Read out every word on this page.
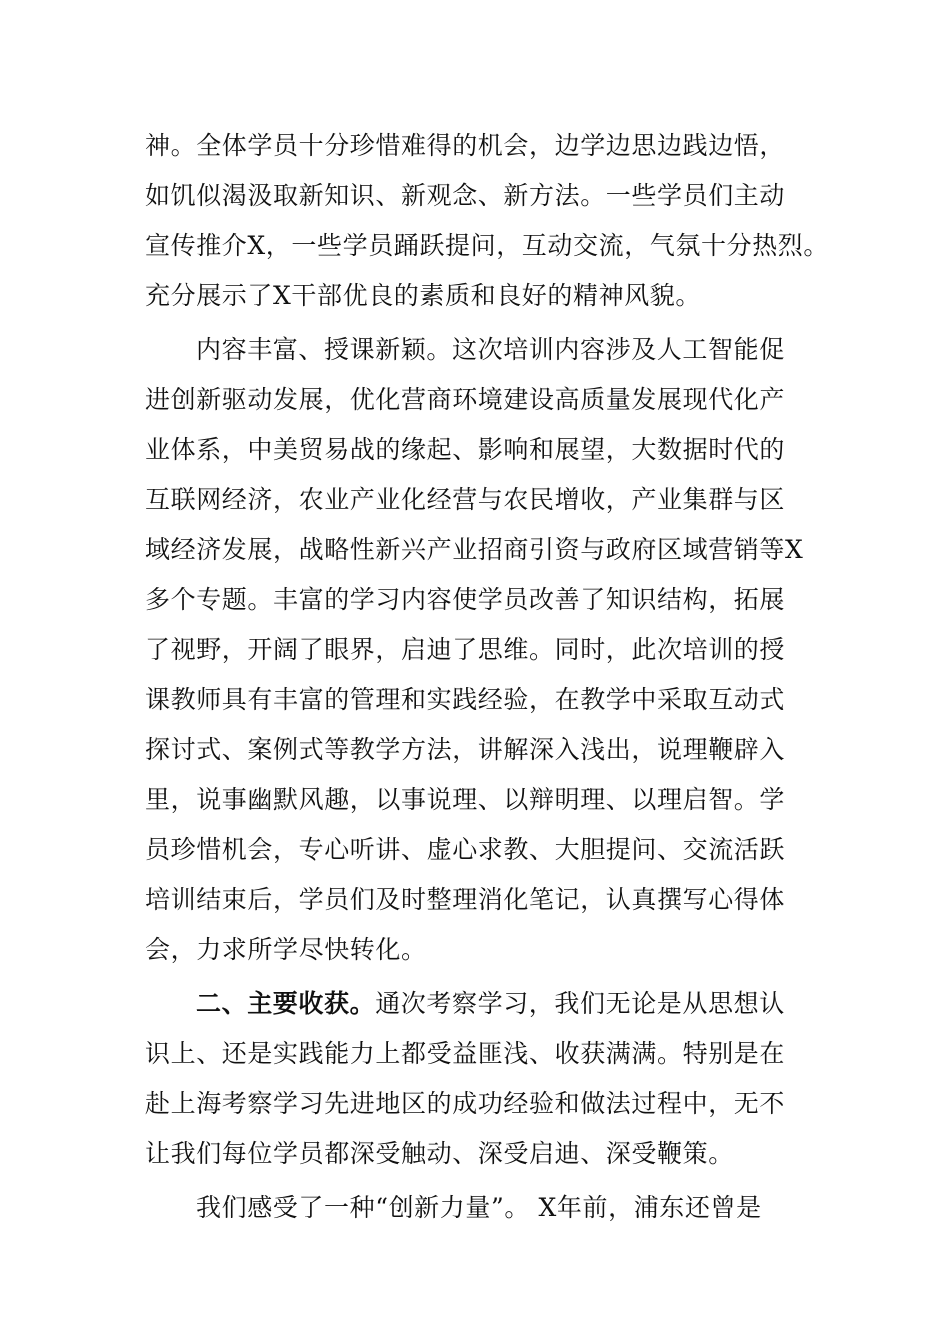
神。全体学员十分珍惜难得的机会，边学边思边践边悟，
如饥似渴汲取新知识、新观念、新方法。一些学员们主动
宣传推介X，一些学员踊跃提问，互动交流，气氛十分热烈。
充分展示了X干部优良的素质和良好的精神风貌。
内容丰富、授课新颖。这次培训内容涉及人工智能促
进创新驱动发展，优化营商环境建设高质量发展现代化产
业体系，中美贸易战的缘起、影响和展望，大数据时代的
互联网经济，农业产业化经营与农民增收，产业集群与区
域经济发展，战略性新兴产业招商引资与政府区域营销等X
多个专题。丰富的学习内容使学员改善了知识结构，拓展
了视野，开阔了眼界，启迪了思维。同时，此次培训的授
课教师具有丰富的管理和实践经验，在教学中采取互动式
探讨式、案例式等教学方法，讲解深入浅出，说理鞭辟入
里，说事幽默风趣，以事说理、以辩明理、以理启智。学
员珍惜机会，专心听讲、虚心求教、大胆提问、交流活跃
培训结束后，学员们及时整理消化笔记，认真撰写心得体
会，力求所学尽快转化。
二、主要收获。通次考察学习，我们无论是从思想认
识上、还是实践能力上都受益匪浅、收获满满。特别是在
赴上海考察学习先进地区的成功经验和做法过程中，无不
让我们每位学员都深受触动、深受启迪、深受鞭策。
我们感受了一种“创新力量”。 X年前，浦东还曾是
